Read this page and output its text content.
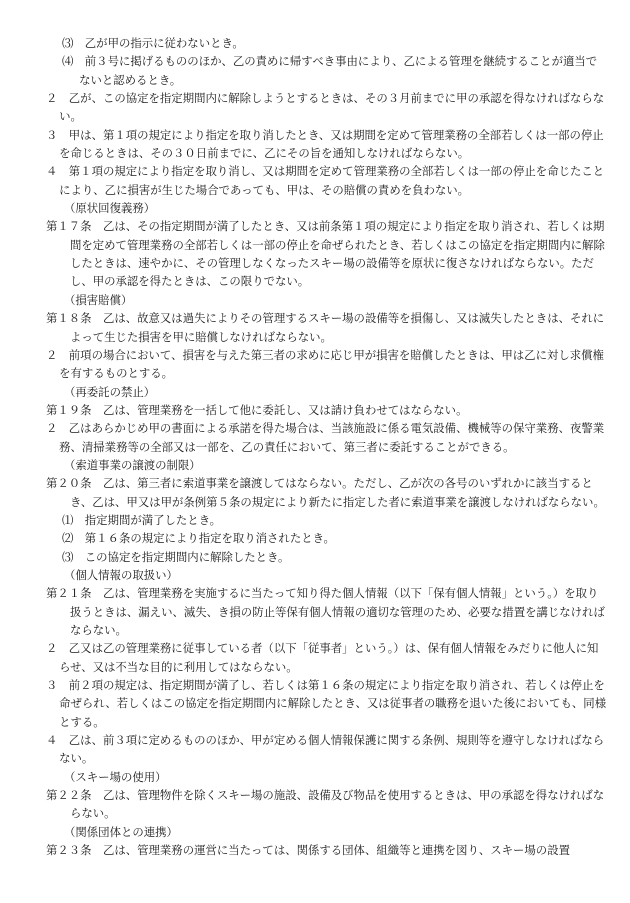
⑶　乙が甲の指示に従わないとき。
⑷　前３号に掲げるもののほか、乙の責めに帰すべき事由により、乙による管理を継続することが適当でないと認めるとき。
２　乙が、この協定を指定期間内に解除しようとするときは、その３月前までに甲の承認を得なければならない。
３　甲は、第１項の規定により指定を取り消したとき、又は期間を定めて管理業務の全部若しくは一部の停止を命じるときは、その３０日前までに、乙にその旨を通知しなければならない。
４　第１項の規定により指定を取り消し、又は期間を定めて管理業務の全部若しくは一部の停止を命じたことにより、乙に損害が生じた場合であっても、甲は、その賠償の責めを負わない。
（原状回復義務）
第１７条　乙は、その指定期間が満了したとき、又は前条第１項の規定により指定を取り消され、若しくは期間を定めて管理業務の全部若しくは一部の停止を命ぜられたとき、若しくはこの協定を指定期間内に解除したときは、速やかに、その管理しなくなったスキー場の設備等を原状に復さなければならない。ただし、甲の承認を得たときは、この限りでない。
（損害賠償）
第１８条　乙は、故意又は過失によりその管理するスキー場の設備等を損傷し、又は滅失したときは、それによって生じた損害を甲に賠償しなければならない。
２　前項の場合において、損害を与えた第三者の求めに応じ甲が損害を賠償したときは、甲は乙に対し求償権を有するものとする。
（再委託の禁止）
第１９条　乙は、管理業務を一括して他に委託し、又は請け負わせてはならない。
２　乙はあらかじめ甲の書面による承諾を得た場合は、当該施設に係る電気設備、機械等の保守業務、夜警業務、清掃業務等の全部又は一部を、乙の責任において、第三者に委託することができる。
（索道事業の譲渡の制限）
第２０条　乙は、第三者に索道事業を譲渡してはならない。ただし、乙が次の各号のいずれかに該当するとき、乙は、甲又は甲が条例第５条の規定により新たに指定した者に索道事業を譲渡しなければならない。
⑴　指定期間が満了したとき。
⑵　第１６条の規定により指定を取り消されたとき。
⑶　この協定を指定期間内に解除したとき。
（個人情報の取扱い）
第２１条　乙は、管理業務を実施するに当たって知り得た個人情報（以下「保有個人情報」という。）を取り扱うときは、漏えい、滅失、き損の防止等保有個人情報の適切な管理のため、必要な措置を講じなければならない。
２　乙又は乙の管理業務に従事している者（以下「従事者」という。）は、保有個人情報をみだりに他人に知らせ、又は不当な目的に利用してはならない。
３　前２項の規定は、指定期間が満了し、若しくは第１６条の規定により指定を取り消され、若しくは停止を命ぜられ、若しくはこの協定を指定期間内に解除したとき、又は従事者の職務を退いた後においても、同様とする。
４　乙は、前３項に定めるもののほか、甲が定める個人情報保護に関する条例、規則等を遵守しなければならない。
（スキー場の使用）
第２２条　乙は、管理物件を除くスキー場の施設、設備及び物品を使用するときは、甲の承認を得なければならない。
（関係団体との連携）
第２３条　乙は、管理業務の運営に当たっては、関係する団体、組織等と連携を図り、スキー場の設置
